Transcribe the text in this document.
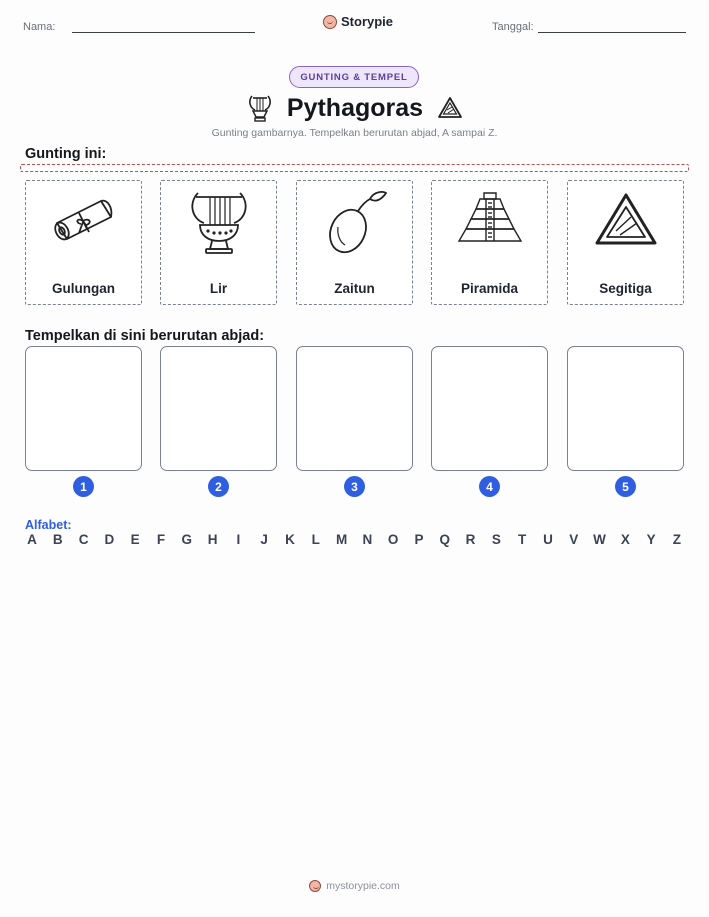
Nama:	Storypie	Tanggal:
GUNTING & TEMPEL
Pythagoras
Gunting gambarnya. Tempelkan berurutan abjad, A sampai Z.
Gunting ini:
Gulungan	Lir	Zaitun	Piramida	Segitiga
Tempelkan di sini berurutan abjad:
1	2	3	4	5
Alfabet:
A B C D E F G H	I	J K L M N O P Q R S T U V W X Y Z
mystorypie.com
